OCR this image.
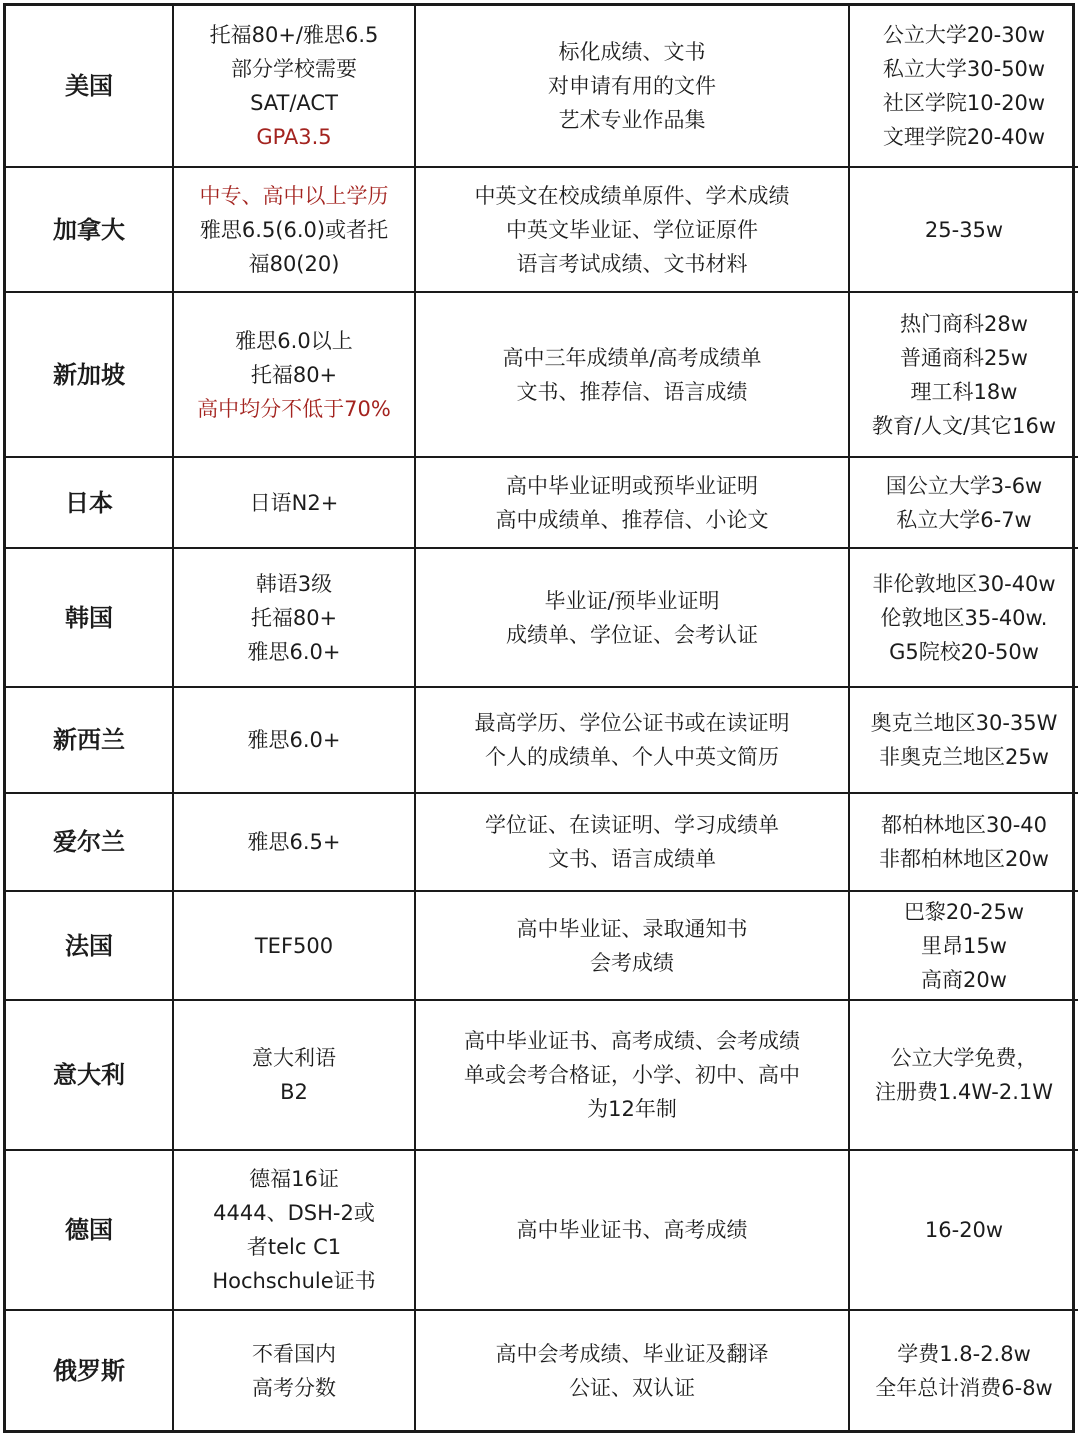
美国	托福80+/雅思6.5
部分学校需要
SAT/ACT
GPA3.5	标化成绩、文书
对申请有用的文件
艺术专业作品集	公立大学20-30w
私立大学30-50w
社区学院10-20w
文理学院20-40w

加拿大	中专、高中以上学历
雅思6.5(6.0)或者托
福80(20)	中英文在校成绩单原件、学术成绩
中英文毕业证、学位证原件
语言考试成绩、文书材料	25-35w

新加坡	雅思6.0以上
托福80+
高中均分不低于70%	高中三年成绩单/高考成绩单
文书、推荐信、语言成绩	热门商科28w
普通商科25w
理工科18w
教育/人文/其它16w

日本	日语N2+	高中毕业证明或预毕业证明
高中成绩单、推荐信、小论文	国公立大学3-6w
私立大学6-7w

韩国	韩语3级
托福80+
雅思6.0+	毕业证/预毕业证明
成绩单、学位证、会考认证	非伦敦地区30-40w
伦敦地区35-40w.
G5院校20-50w

新西兰	雅思6.0+	最高学历、学位公证书或在读证明
个人的成绩单、个人中英文简历	奥克兰地区30-35W
非奥克兰地区25w

爱尔兰	雅思6.5+	学位证、在读证明、学习成绩单
文书、语言成绩单	都柏林地区30-40
非都柏林地区20w

法国	TEF500	高中毕业证、录取通知书
会考成绩	巴黎20-25w
里昂15w
高商20w

意大利	意大利语
B2	高中毕业证书、高考成绩、会考成绩
单或会考合格证，小学、初中、高中
为12年制	公立大学免费，
注册费1.4W-2.1W

德国	德福16证
4444、DSH-2或
者telc C1
Hochschule证书	高中毕业证书、高考成绩	16-20w

俄罗斯	不看国内
高考分数	高中会考成绩、毕业证及翻译
公证、双认证	学费1.8-2.8w
全年总计消费6-8w
